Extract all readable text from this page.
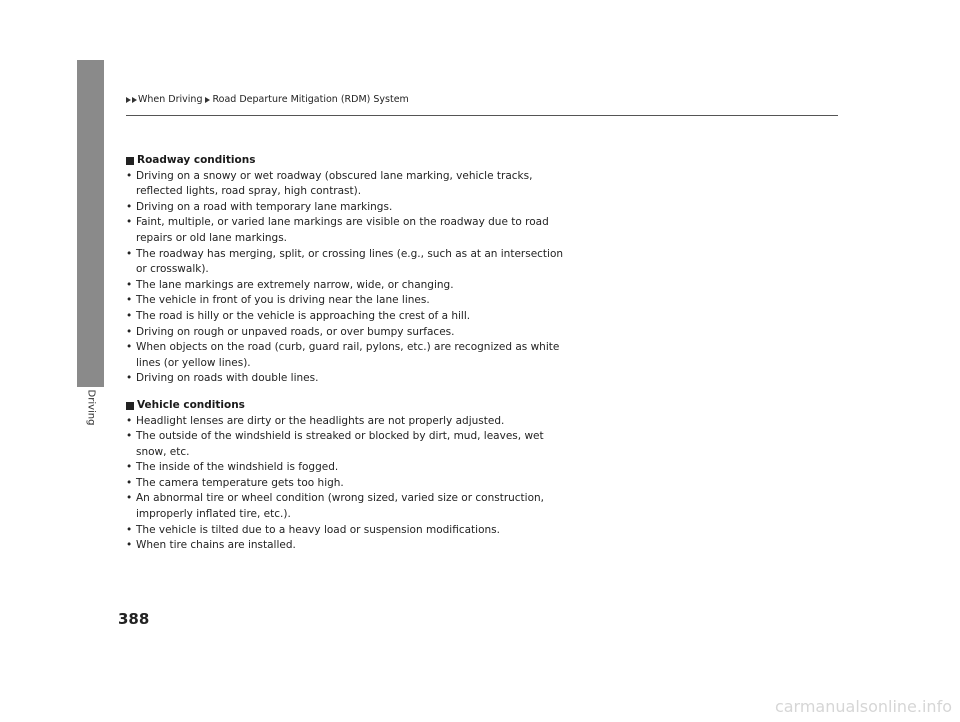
When Driving Road Departure Mitigation (RDM) System
Driving
Roadway conditions
• Driving on a snowy or wet roadway (obscured lane marking, vehicle tracks, reflected lights, road spray, high contrast).
• Driving on a road with temporary lane markings.
• Faint, multiple, or varied lane markings are visible on the roadway due to road repairs or old lane markings.
• The roadway has merging, split, or crossing lines (e.g., such as at an intersection or crosswalk).
• The lane markings are extremely narrow, wide, or changing.
• The vehicle in front of you is driving near the lane lines.
• The road is hilly or the vehicle is approaching the crest of a hill.
• Driving on rough or unpaved roads, or over bumpy surfaces.
• When objects on the road (curb, guard rail, pylons, etc.) are recognized as white lines (or yellow lines).
• Driving on roads with double lines.
Vehicle conditions
• Headlight lenses are dirty or the headlights are not properly adjusted.
• The outside of the windshield is streaked or blocked by dirt, mud, leaves, wet snow, etc.
• The inside of the windshield is fogged.
• The camera temperature gets too high.
• An abnormal tire or wheel condition (wrong sized, varied size or construction, improperly inflated tire, etc.).
• The vehicle is tilted due to a heavy load or suspension modifications.
• When tire chains are installed.
388
carmanualsonline.info
